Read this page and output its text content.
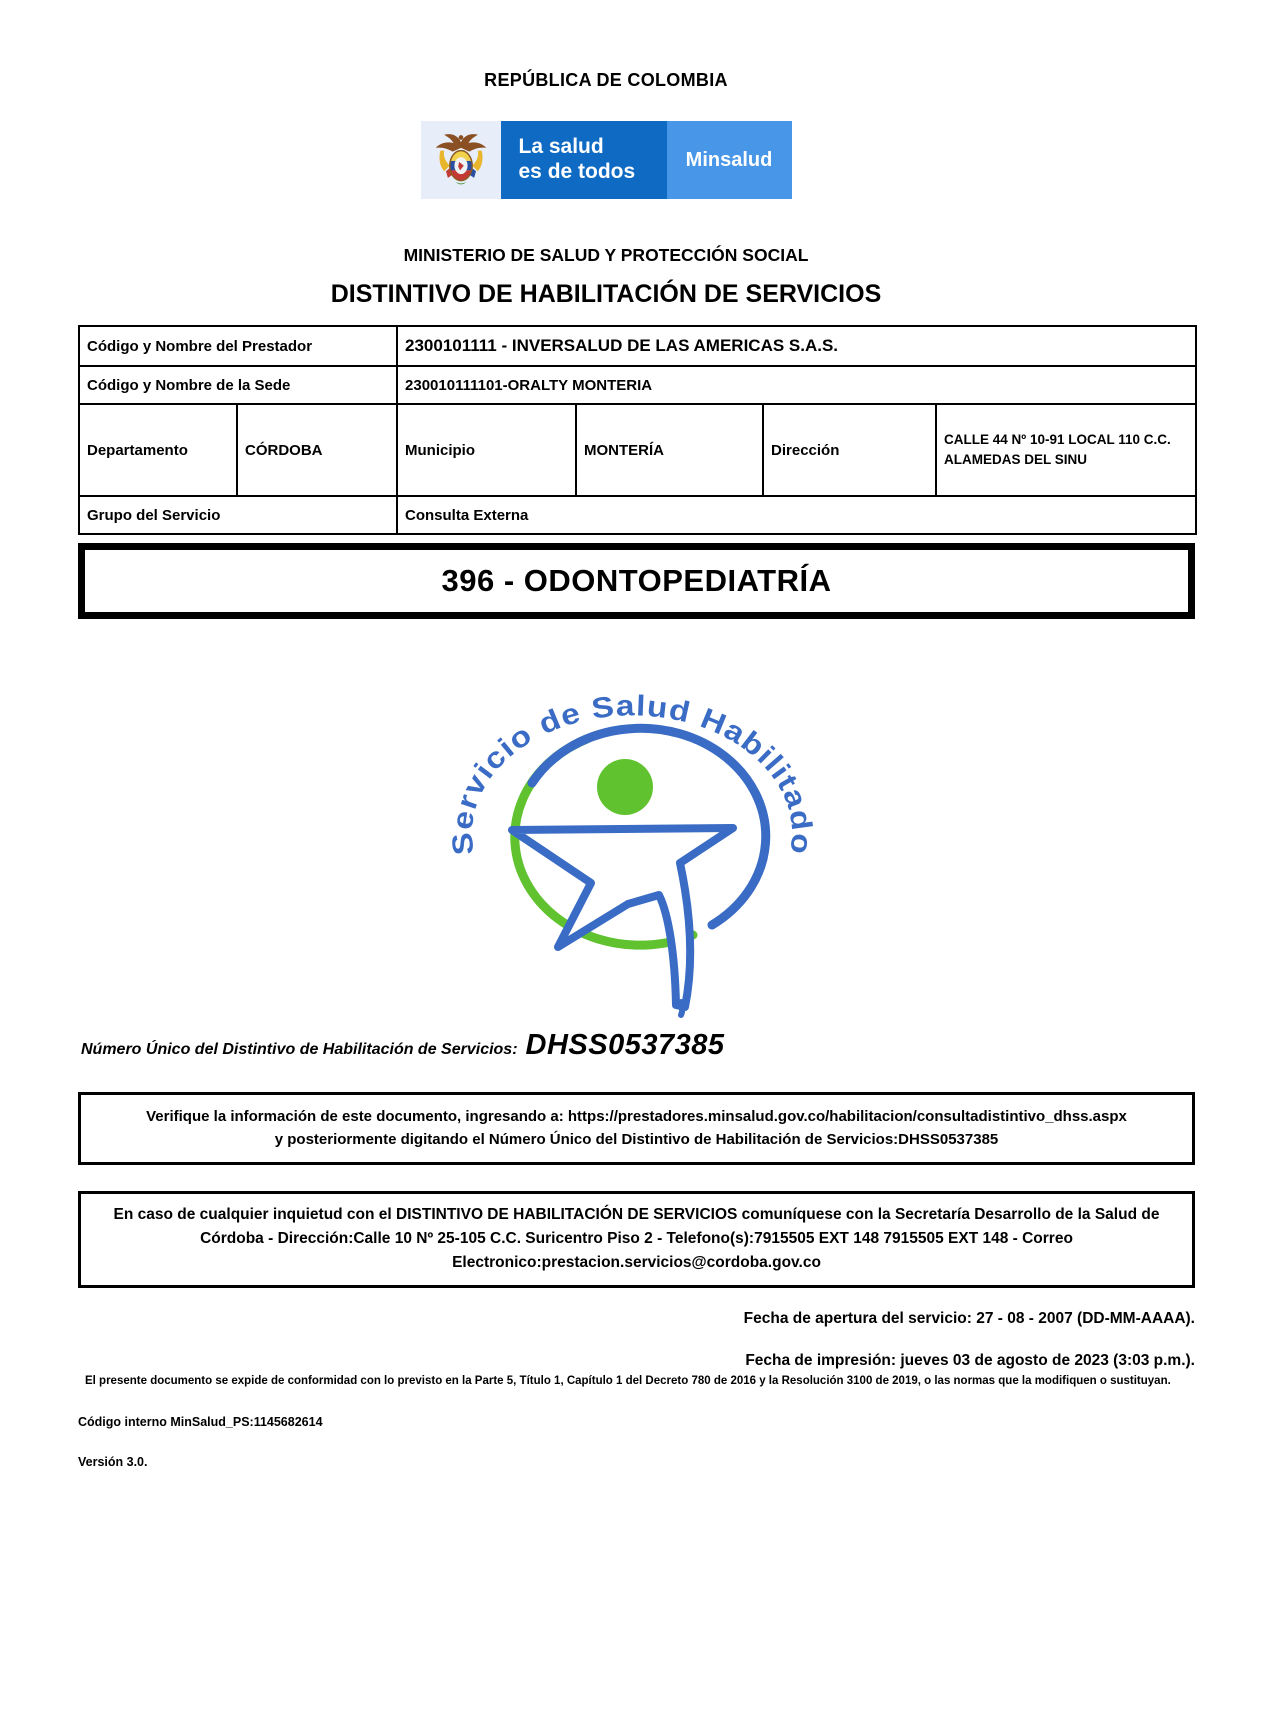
REPÚBLICA DE COLOMBIA
La salud
es de todos
Minsalud
MINISTERIO DE SALUD Y PROTECCIÓN SOCIAL
DISTINTIVO DE HABILITACIÓN DE SERVICIOS
Código y Nombre del Prestador		2300101111 - INVERSALUD DE LAS AMERICAS S.A.S.			
Código y Nombre de la Sede		230010111101-ORALTY MONTERIA			
Departamento	CÓRDOBA	Municipio	MONTERÍA	Dirección	CALLE 44 Nº 10-91 LOCAL 110 C.C. ALAMEDAS DEL SINU
Grupo del Servicio		Consulta Externa			
396 - ODONTOPEDIATRÍA
Servicio de Salud Habilitado
Número Único del Distintivo de Habilitación de Servicios: DHSS0537385
Verifique la información de este documento, ingresando a: https://prestadores.minsalud.gov.co/habilitacion/consultadistintivo_dhss.aspx
y posteriormente digitando el Número Único del Distintivo de Habilitación de Servicios:DHSS0537385
En caso de cualquier inquietud con el DISTINTIVO DE HABILITACIÓN DE SERVICIOS comuníquese con la Secretaría Desarrollo de la Salud de Córdoba - Dirección:Calle 10 Nº 25-105 C.C. Suricentro Piso 2 - Telefono(s):7915505 EXT 148 7915505 EXT 148 - Correo Electronico:prestacion.servicios@cordoba.gov.co
Fecha de apertura del servicio: 27 - 08 - 2007 (DD-MM-AAAA).
Fecha de impresión: jueves 03 de agosto de 2023 (3:03 p.m.).
El presente documento se expide de conformidad con lo previsto en la Parte 5, Título 1, Capítulo 1 del Decreto 780 de 2016 y la Resolución 3100 de 2019, o las normas que la modifiquen o sustituyan.
Código interno MinSalud_PS:1145682614
Versión 3.0.
